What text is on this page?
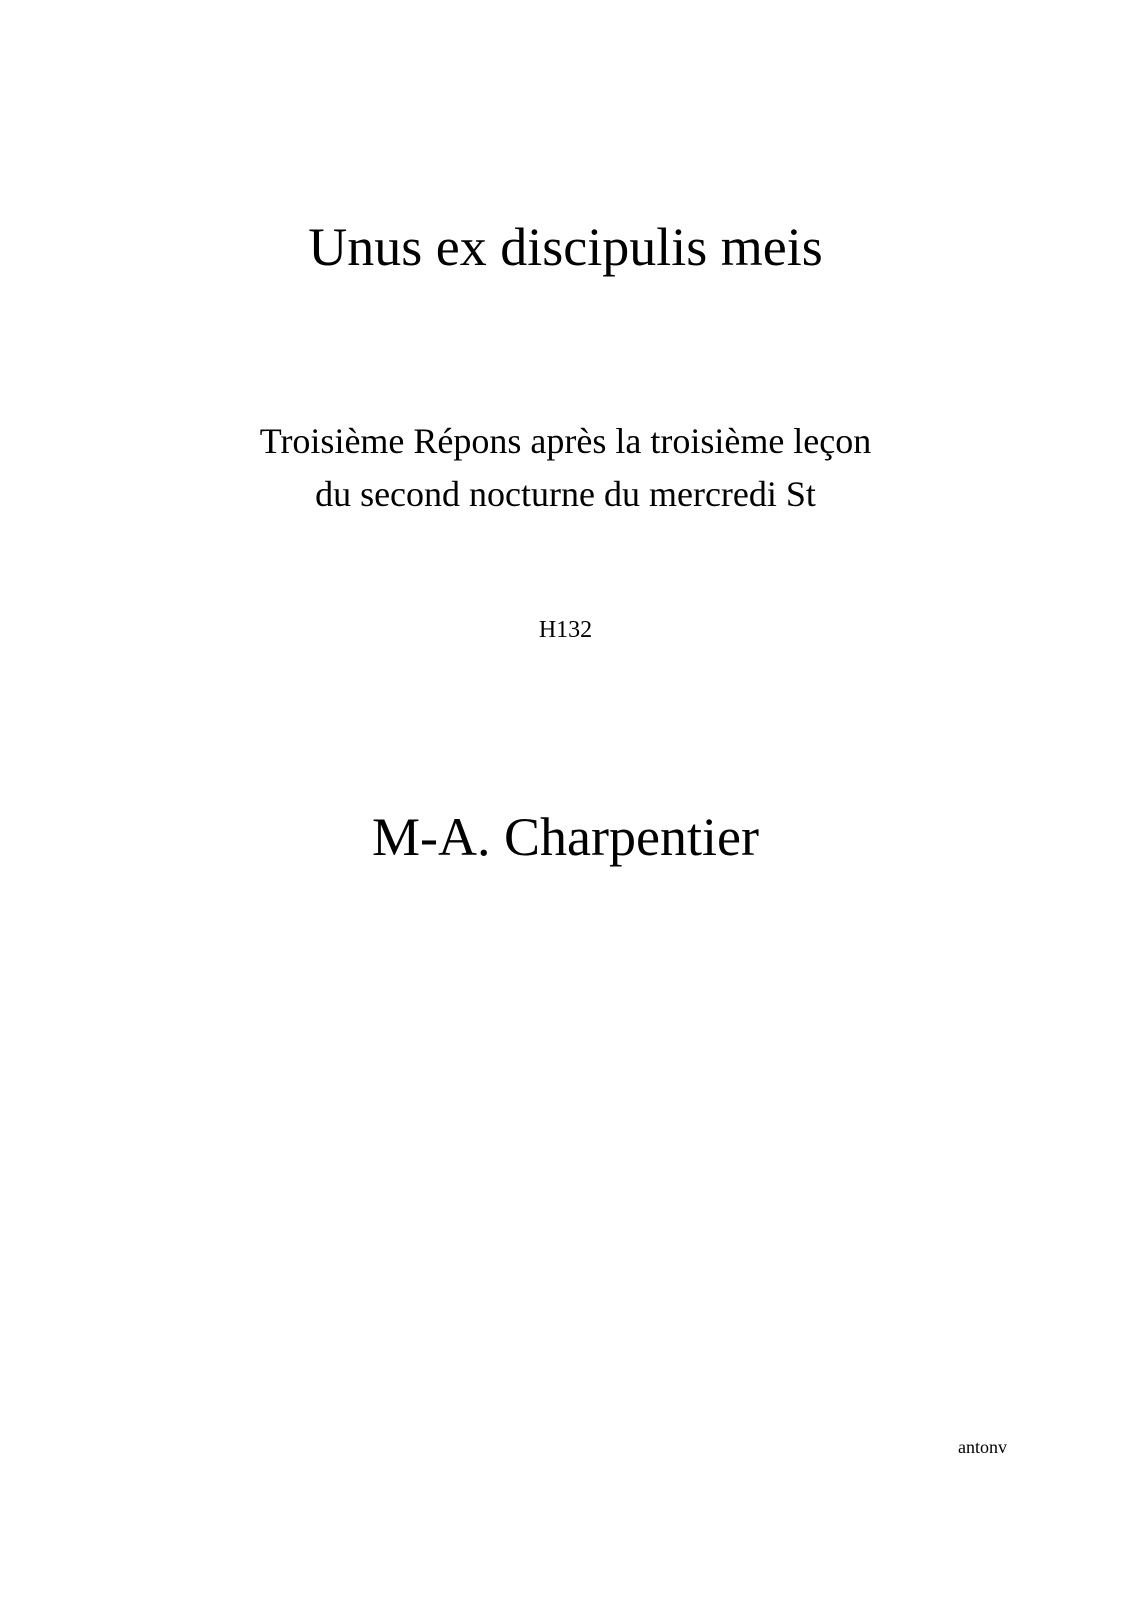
Unus ex discipulis meis

Troisième Répons après la troisième leçon

du second nocturne du mercredi St

H132

M-A. Charpentier

antonv
